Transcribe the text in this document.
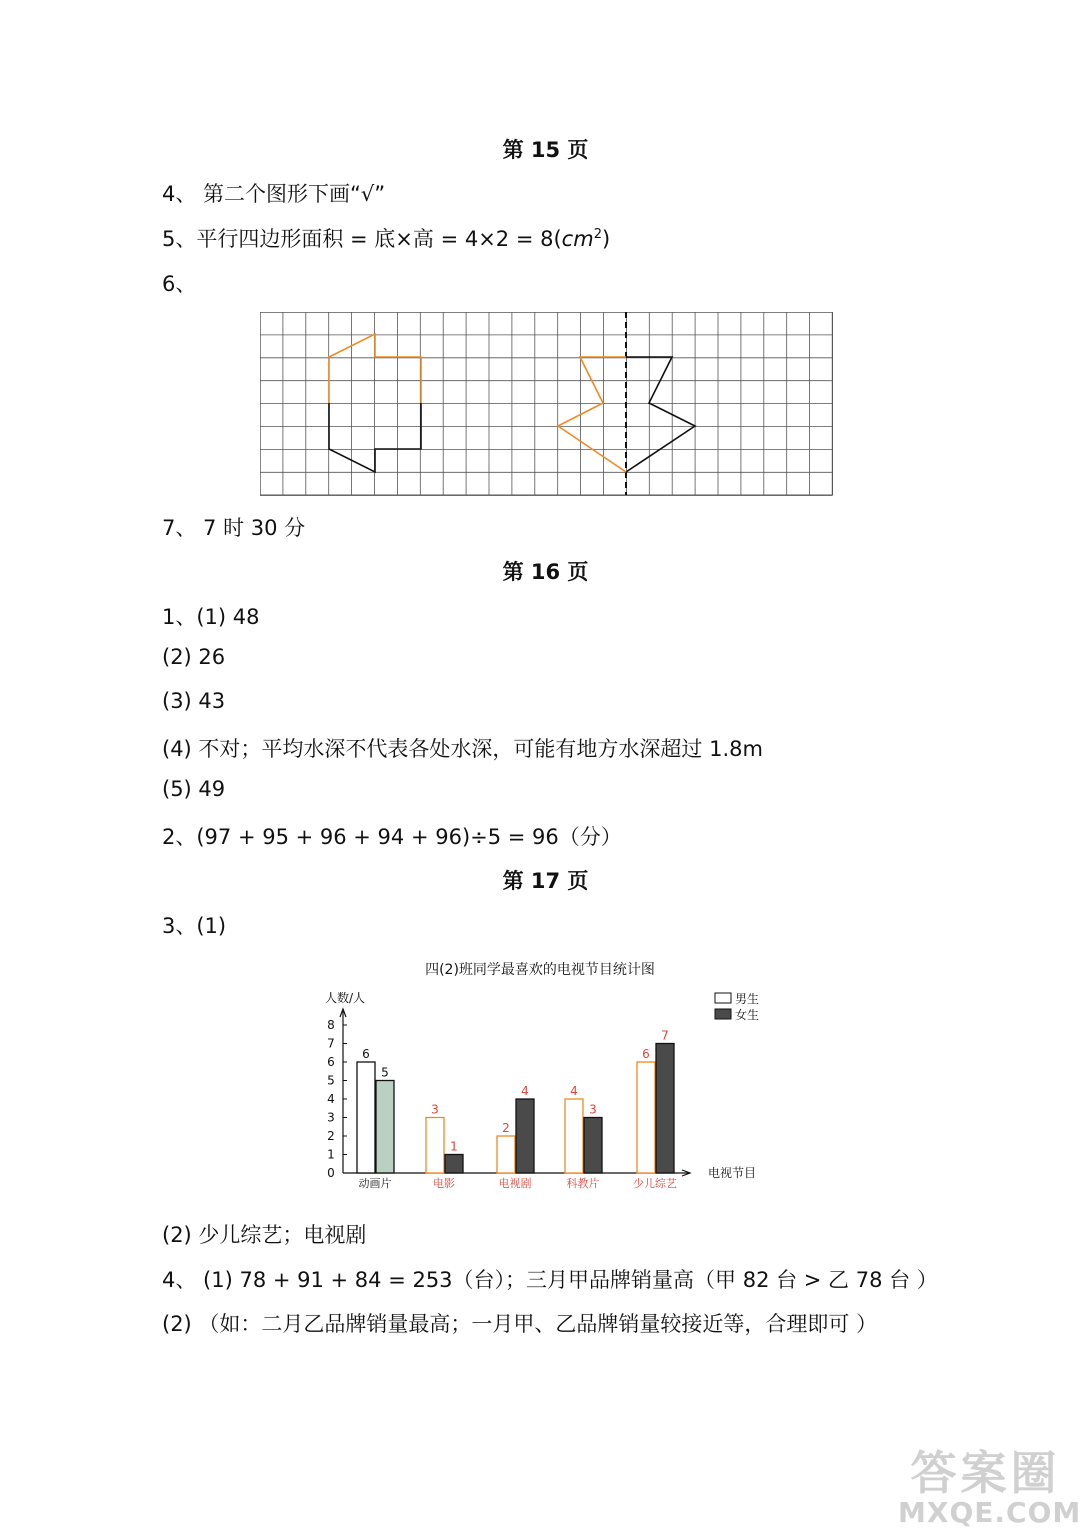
第 15 页
4、 第二个图形下画“√”
5、平行四边形面积 = 底×高 = $4\times 2 = 8(cm^2)$
6、
7、 7 时 30 分
第 16 页
1、(1) 48
(2) 26
(3) 43
(4) 不对；平均水深不代表各处水深，可能有地方水深超过 1.8m
(5) 49
2、(97 + 95 + 96 + 94 + 96)÷5 = 96（分）
第 17 页
3、(1)
四(2)班同学最喜欢的电视节目统计图
人数/人
电视节目
0
1
2
3
4
5
6
7
8
男生
女生
6
5
动画片
3
1
电影
2
4
电视剧
4
3
科教片
6
7
少儿综艺
(2) 少儿综艺；电视剧
4、 (1) 78 + 91 + 84 = 253（台）；三月甲品牌销量高（甲 82 台 > 乙 78 台 ）
(2) （如：二月乙品牌销量最高；一月甲、乙品牌销量较接近等，合理即可 ）
答案圈
MXQE.COM
